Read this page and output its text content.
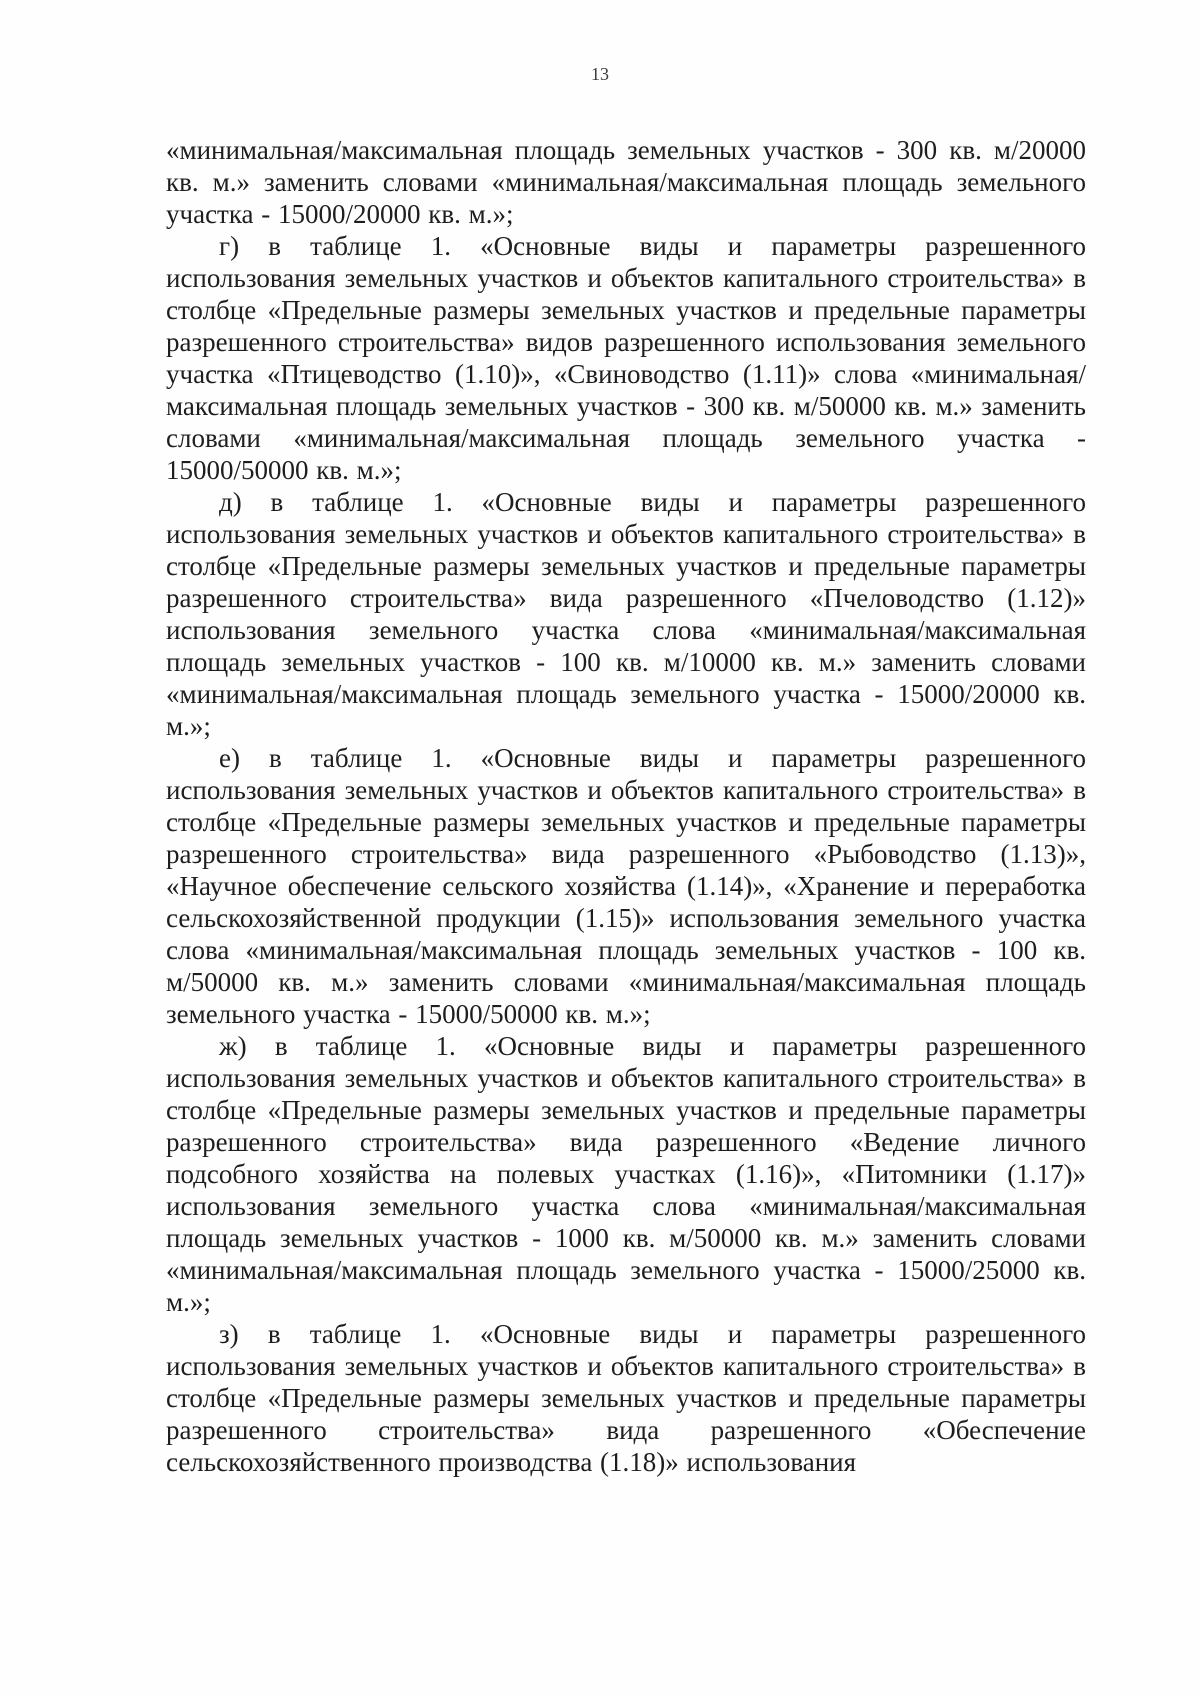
13

«минимальная/максимальная площадь земельных участков - 300 кв. м/20000 кв. м.» заменить словами «минимальная/максимальная площадь земельного участка - 15000/20000 кв. м.»;

г) в таблице 1. «Основные виды и параметры разрешенного использования земельных участков и объектов капитального строительства» в столбце «Предельные размеры земельных участков и предельные параметры разрешенного строительства» видов разрешенного использования земельного участка «Птицеводство (1.10)», «Свиноводство (1.11)» слова «минимальная/максимальная площадь земельных участков - 300 кв. м/50000 кв. м.» заменить словами «минимальная/максимальная площадь земельного участка - 15000/50000 кв. м.»;

д) в таблице 1. «Основные виды и параметры разрешенного использования земельных участков и объектов капитального строительства» в столбце «Предельные размеры земельных участков и предельные параметры разрешенного строительства» вида разрешенного «Пчеловодство (1.12)» использования земельного участка слова «минимальная/максимальная площадь земельных участков - 100 кв. м/10000 кв. м.» заменить словами «минимальная/максимальная площадь земельного участка - 15000/20000 кв. м.»;

е) в таблице 1. «Основные виды и параметры разрешенного использования земельных участков и объектов капитального строительства» в столбце «Предельные размеры земельных участков и предельные параметры разрешенного строительства» вида разрешенного «Рыбоводство (1.13)», «Научное обеспечение сельского хозяйства (1.14)», «Хранение и переработка сельскохозяйственной продукции (1.15)» использования земельного участка слова «минимальная/максимальная площадь земельных участков - 100 кв. м/50000 кв. м.» заменить словами «минимальная/максимальная площадь земельного участка - 15000/50000 кв. м.»;

ж) в таблице 1. «Основные виды и параметры разрешенного использования земельных участков и объектов капитального строительства» в столбце «Предельные размеры земельных участков и предельные параметры разрешенного строительства» вида разрешенного «Ведение личного подсобного хозяйства на полевых участках (1.16)», «Питомники (1.17)» использования земельного участка слова «минимальная/максимальная площадь земельных участков - 1000 кв. м/50000 кв. м.» заменить словами «минимальная/максимальная площадь земельного участка - 15000/25000 кв. м.»;

з) в таблице 1. «Основные виды и параметры разрешенного использования земельных участков и объектов капитального строительства» в столбце «Предельные размеры земельных участков и предельные параметры разрешенного строительства» вида разрешенного «Обеспечение сельскохозяйственного производства (1.18)» использования
